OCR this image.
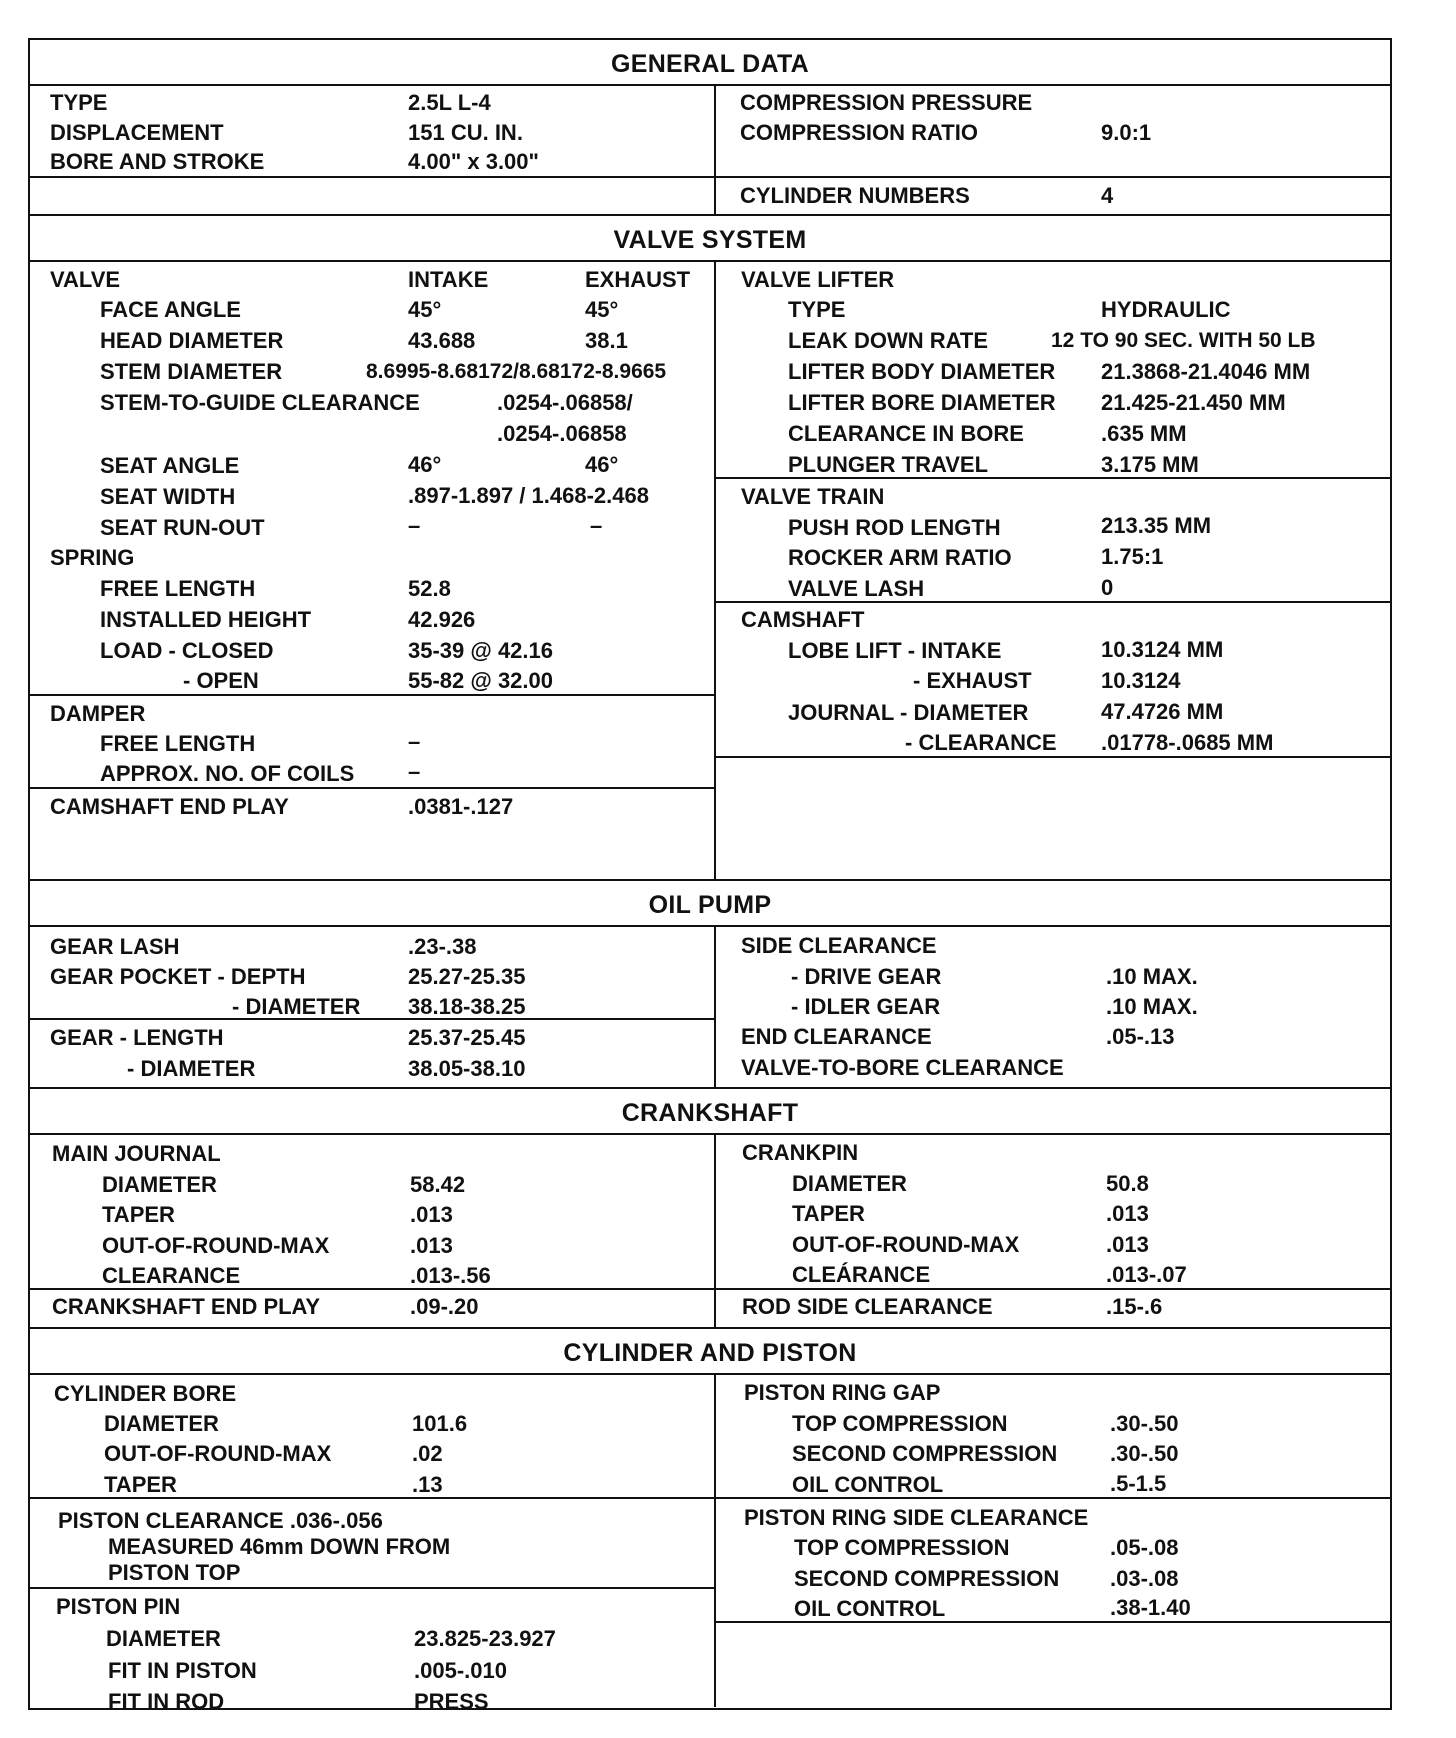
GENERAL DATA
TYPE	2.5L L-4
DISPLACEMENT	151 CU. IN.
BORE AND STROKE	4.00" x 3.00"
COMPRESSION PRESSURE
COMPRESSION RATIO	9.0:1
CYLINDER NUMBERS	4
VALVE SYSTEM
VALVE	INTAKE	EXHAUST
FACE ANGLE	45°	45°
HEAD DIAMETER	43.688	38.1
STEM DIAMETER	8.6995-8.68172/8.68172-8.9665
STEM-TO-GUIDE CLEARANCE	.0254-.06858/
.0254-.06858
SEAT ANGLE	46°	46°
SEAT WIDTH	.897-1.897 / 1.468-2.468
SEAT RUN-OUT	–	–
SPRING
FREE LENGTH	52.8
INSTALLED HEIGHT	42.926
LOAD - CLOSED	35-39 @ 42.16
- OPEN	55-82 @ 32.00
DAMPER
FREE LENGTH	–
APPROX. NO. OF COILS –
CAMSHAFT END PLAY	.0381-.127
VALVE LIFTER
TYPE	HYDRAULIC
LEAK DOWN RATE	12 TO 90 SEC. WITH 50 LB
LIFTER BODY DIAMETER 21.3868-21.4046 MM
LIFTER BORE DIAMETER 21.425-21.450 MM
CLEARANCE IN BORE	.635 MM
PLUNGER TRAVEL	3.175 MM
VALVE TRAIN
PUSH ROD LENGTH	213.35 MM
ROCKER ARM RATIO	1.75:1
VALVE LASH	0
CAMSHAFT
LOBE LIFT - INTAKE	10.3124 MM
- EXHAUST	10.3124
JOURNAL - DIAMETER	47.4726 MM
- CLEARANCE .01778-.0685 MM
OIL PUMP
GEAR LASH	.23-.38
GEAR POCKET - DEPTH	25.27-25.35
- DIAMETER 38.18-38.25
GEAR - LENGTH	25.37-25.45
- DIAMETER	38.05-38.10
SIDE CLEARANCE
- DRIVE GEAR	.10 MAX.
- IDLER GEAR	.10 MAX.
END CLEARANCE	.05-.13
VALVE-TO-BORE CLEARANCE
CRANKSHAFT
MAIN JOURNAL
DIAMETER	58.42
TAPER	.013
OUT-OF-ROUND-MAX	.013
CLEARANCE	.013-.56
CRANKSHAFT END PLAY	.09-.20
CRANKPIN
DIAMETER	50.8
TAPER	.013
OUT-OF-ROUND-MAX	.013
CLEÁRANCE	.013-.07
ROD SIDE CLEARANCE	.15-.6
CYLINDER AND PISTON
CYLINDER BORE
DIAMETER	101.6
OUT-OF-ROUND-MAX	.02
TAPER	.13
PISTON CLEARANCE .036-.056
MEASURED 46mm DOWN FROM
PISTON TOP
PISTON PIN
DIAMETER	23.825-23.927
FIT IN PISTON	.005-.010
FIT IN ROD	PRESS
PISTON RING GAP
TOP COMPRESSION	.30-.50
SECOND COMPRESSION .30-.50
OIL CONTROL	.5-1.5
PISTON RING SIDE CLEARANCE
TOP COMPRESSION	.05-.08
SECOND COMPRESSION .03-.08
OIL CONTROL	.38-1.40
